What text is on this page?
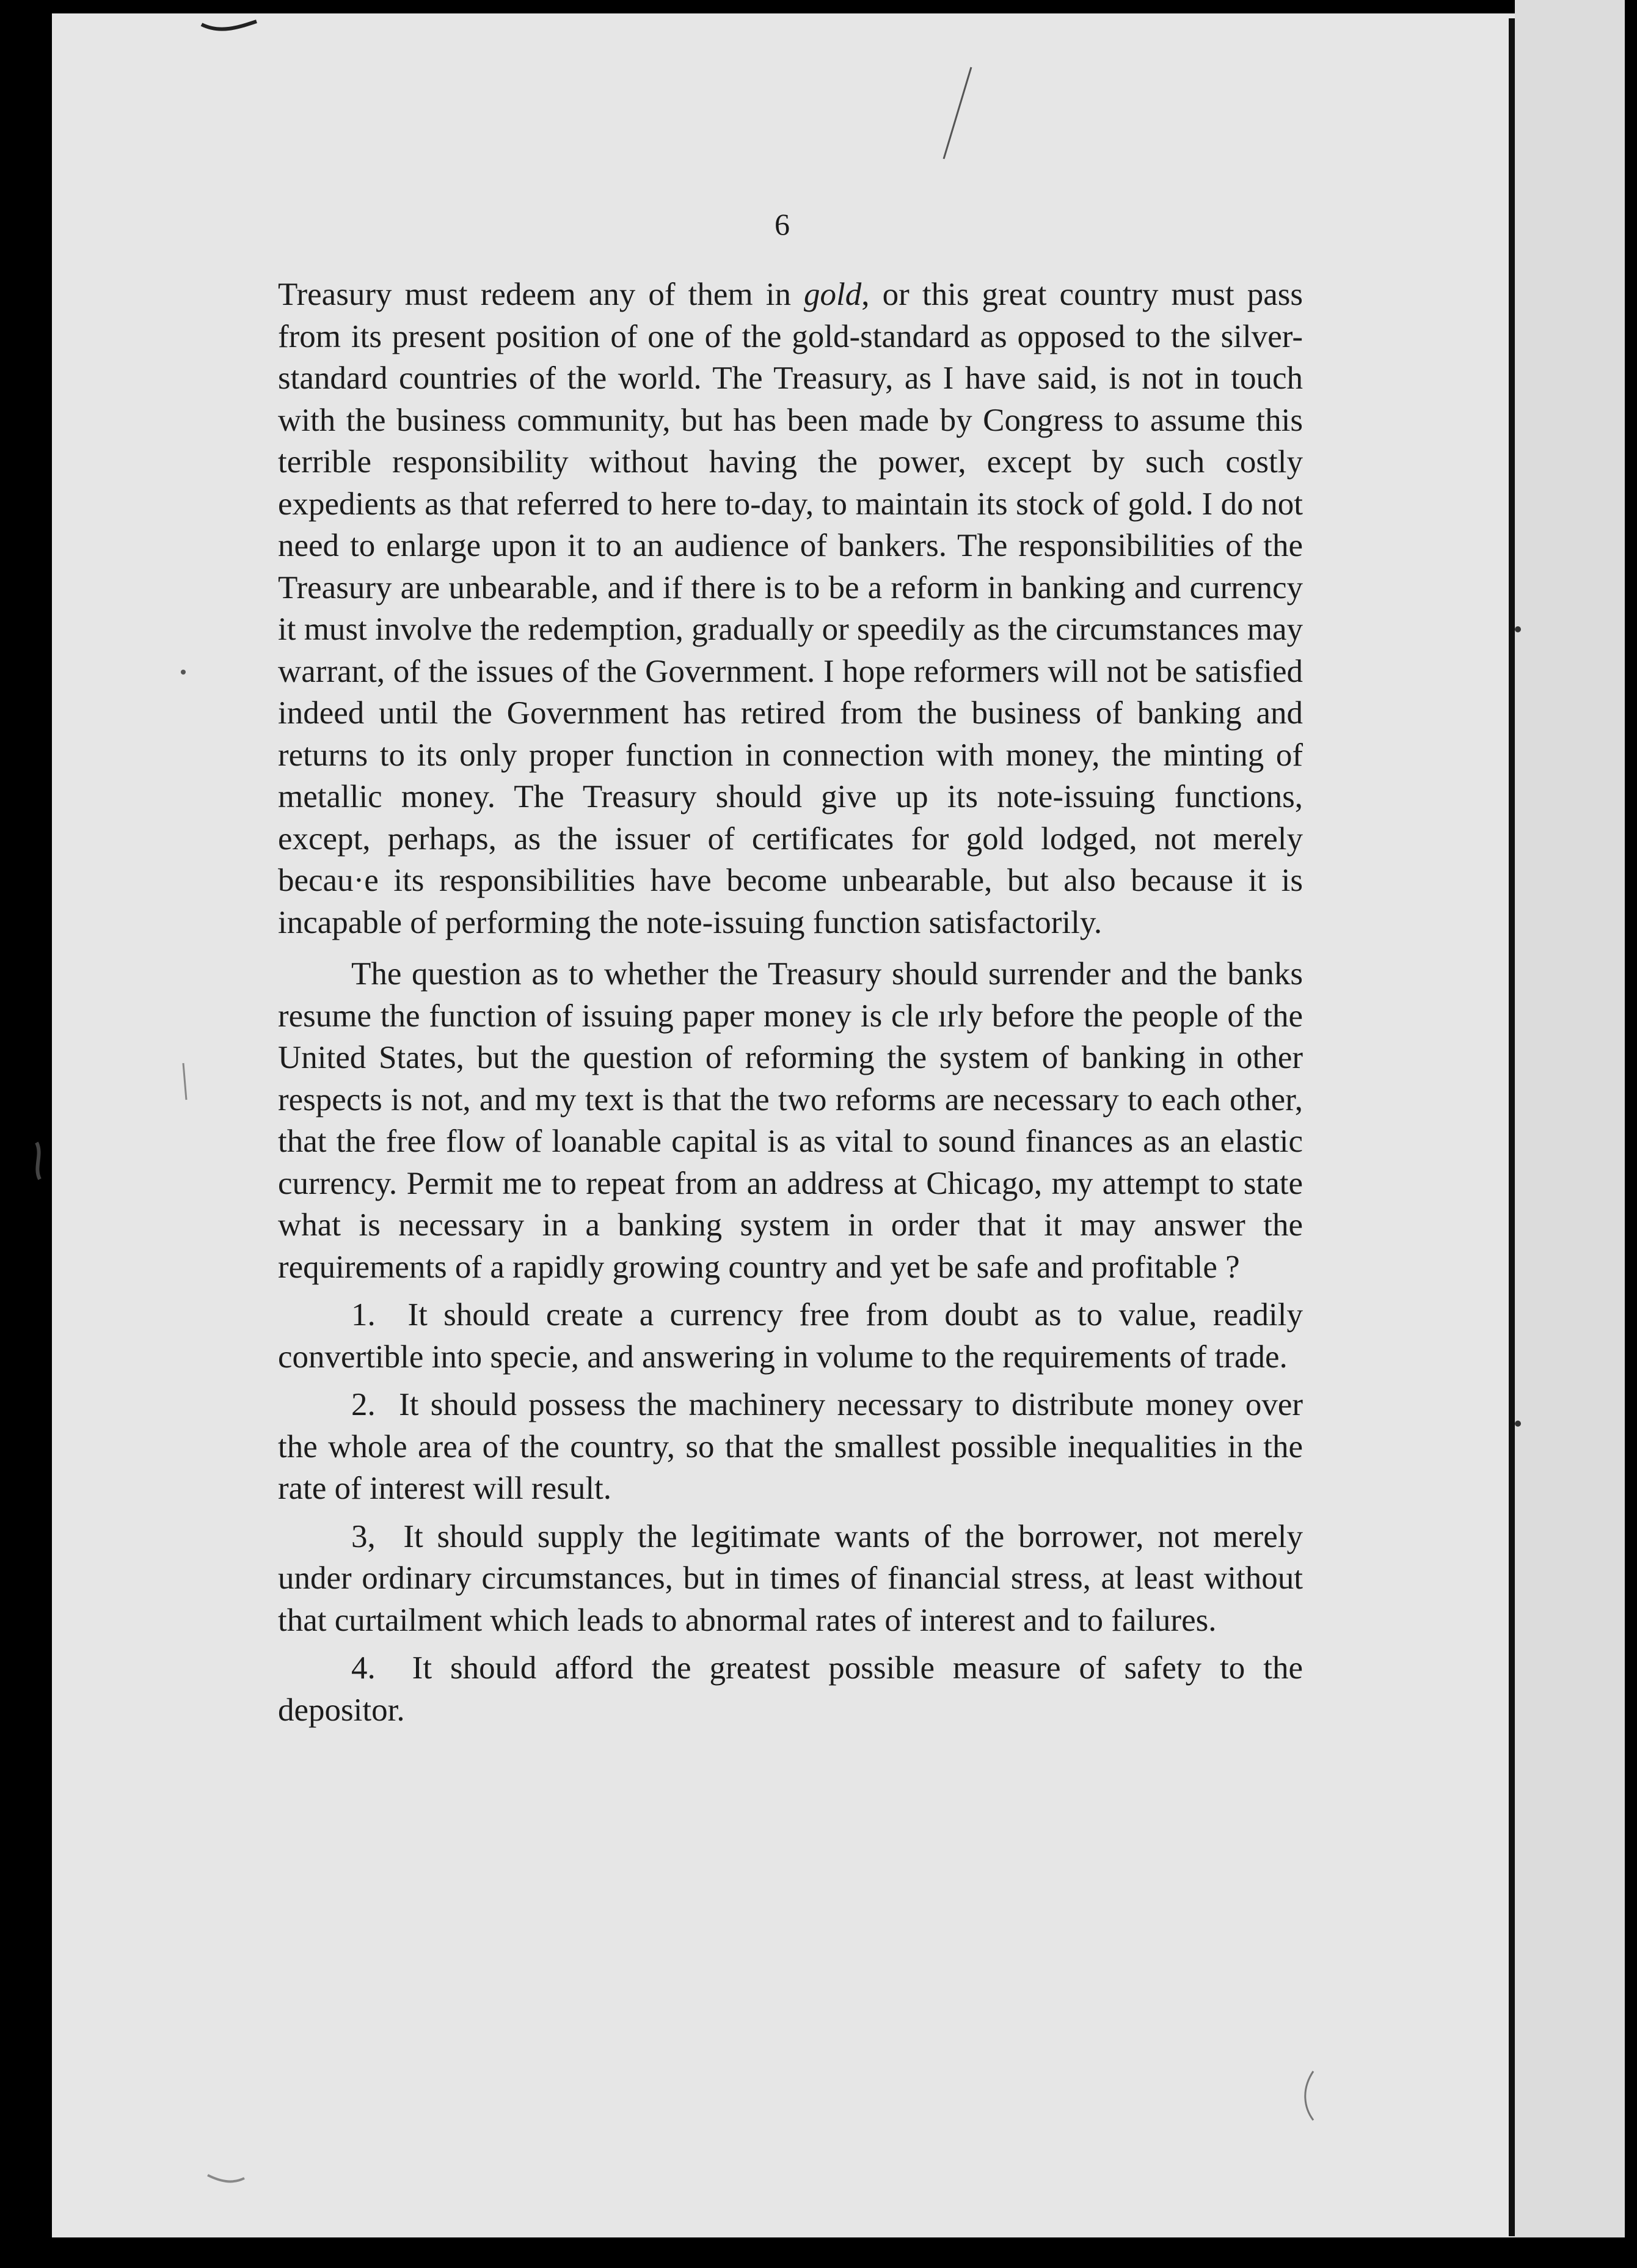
6

Treasury must redeem any of them in gold, or this great country must pass from its present position of one of the gold-standard as opposed to the silver-standard countries of the world. The Treasury, as I have said, is not in touch with the business community, but has been made by Congress to assume this terrible responsibility without having the power, except by such costly expedients as that referred to here to-day, to maintain its stock of gold. I do not need to enlarge upon it to an audience of bankers. The responsibilities of the Treasury are unbearable, and if there is to be a reform in banking and currency it must involve the redemption, gradually or speedily as the circumstances may warrant, of the issues of the Government. I hope reformers will not be satisfied indeed until the Government has retired from the business of banking and returns to its only proper function in connection with money, the minting of metallic money. The Treasury should give up its note-issuing functions, except, perhaps, as the issuer of certificates for gold lodged, not merely becau·e its responsibilities have become unbearable, but also because it is incapable of performing the note-issuing function satisfactorily.

The question as to whether the Treasury should surrender and the banks resume the function of issuing paper money is cle ırly before the people of the United States, but the question of reforming the system of banking in other respects is not, and my text is that the two reforms are necessary to each other, that the free flow of loanable capital is as vital to sound finances as an elastic currency. Permit me to repeat from an address at Chicago, my attempt to state what is necessary in a banking system in order that it may answer the requirements of a rapidly growing country and yet be safe and profitable ?

1. It should create a currency free from doubt as to value, readily convertible into specie, and answering in volume to the requirements of trade.

2. It should possess the machinery necessary to distribute money over the whole area of the country, so that the smallest possible inequalities in the rate of interest will result.

3, It should supply the legitimate wants of the borrower, not merely under ordinary circumstances, but in times of financial stress, at least without that curtailment which leads to abnormal rates of interest and to failures.

4. It should afford the greatest possible measure of safety to the depositor.
